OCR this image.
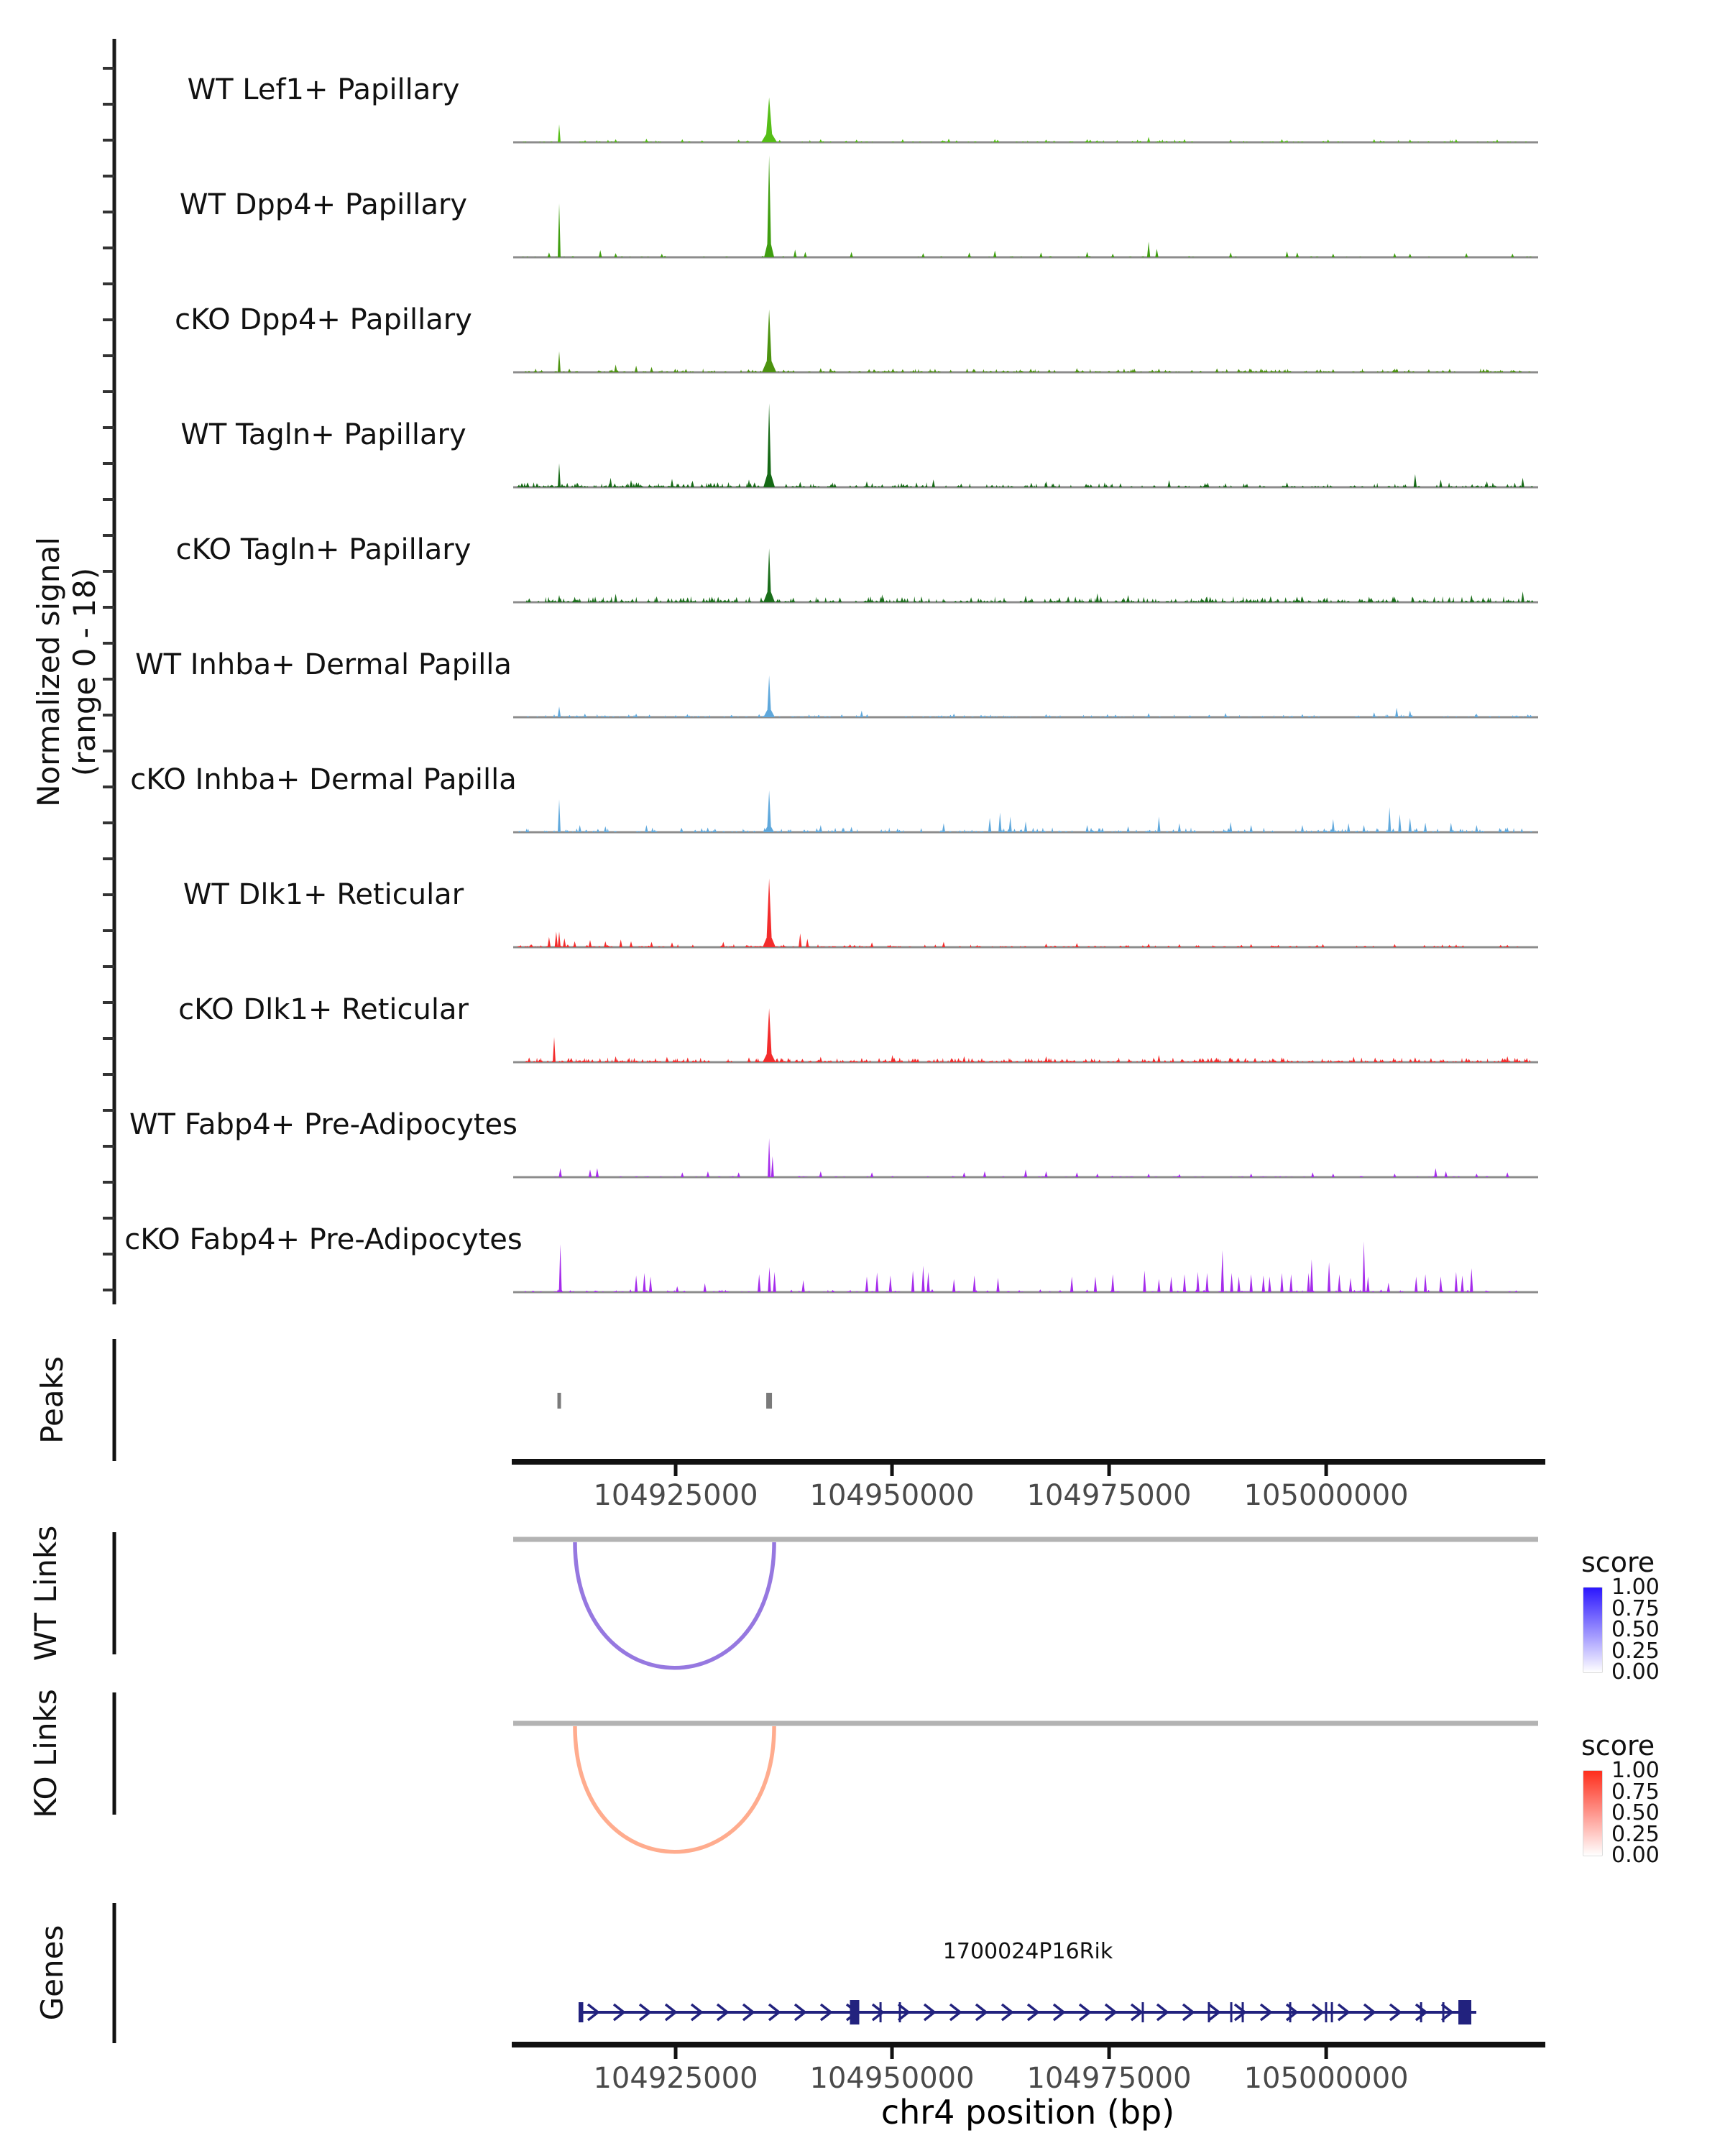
Normalized signal (range 0 - 18)
Peaks
WT Links
KO Links
Genes
WT Lef1+ Papillary
WT Dpp4+ Papillary
cKO Dpp4+ Papillary
WT Tagln+ Papillary
cKO Tagln+ Papillary
WT Inhba+ Dermal Papilla
cKO Inhba+ Dermal Papilla
WT Dlk1+ Reticular
cKO Dlk1+ Reticular
WT Fabp4+ Pre-Adipocytes
cKO Fabp4+ Pre-Adipocytes
104925000	104950000	104975000	105000000
104925000	104950000	104975000	105000000
1700024P16Rik
chr4 position (bp)
score
1.00
0.75
0.50
0.25
0.00
score
1.00
0.75
0.50
0.25
0.00
